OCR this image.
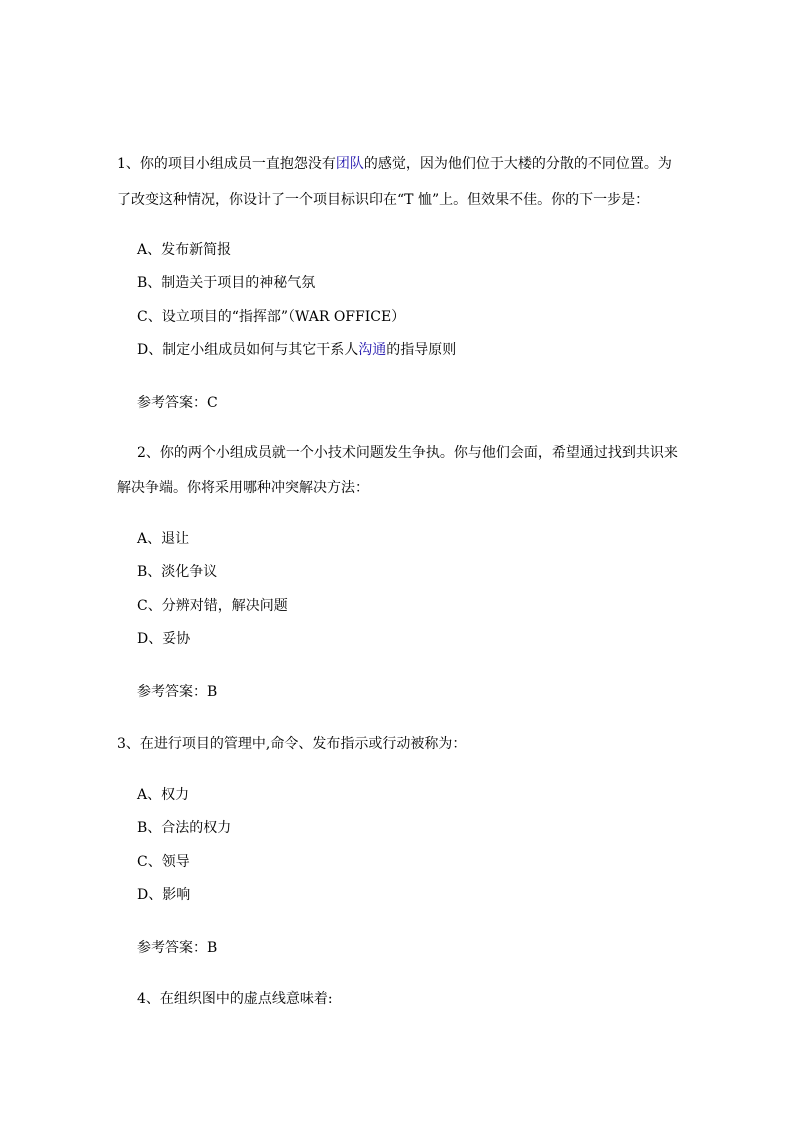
1、你的项目小组成员一直抱怨没有团队的感觉，因为他们位于大楼的分散的不同位置。为
了改变这种情况，你设计了一个项目标识印在“T 恤”上。但效果不佳。你的下一步是：
A、发布新简报
B、制造关于项目的神秘气氛
C、设立项目的“指挥部”（WAR OFFICE）
D、制定小组成员如何与其它干系人沟通的指导原则
参考答案：C
2、你的两个小组成员就一个小技术问题发生争执。你与他们会面，希望通过找到共识来
解决争端。你将采用哪种冲突解决方法：
A、退让
B、淡化争议
C、分辨对错，解决问题
D、妥协
参考答案：B
3、在进行项目的管理中,命令、发布指示或行动被称为：
A、权力
B、合法的权力
C、领导
D、影响
参考答案：B
4、在组织图中的虚点线意味着:
